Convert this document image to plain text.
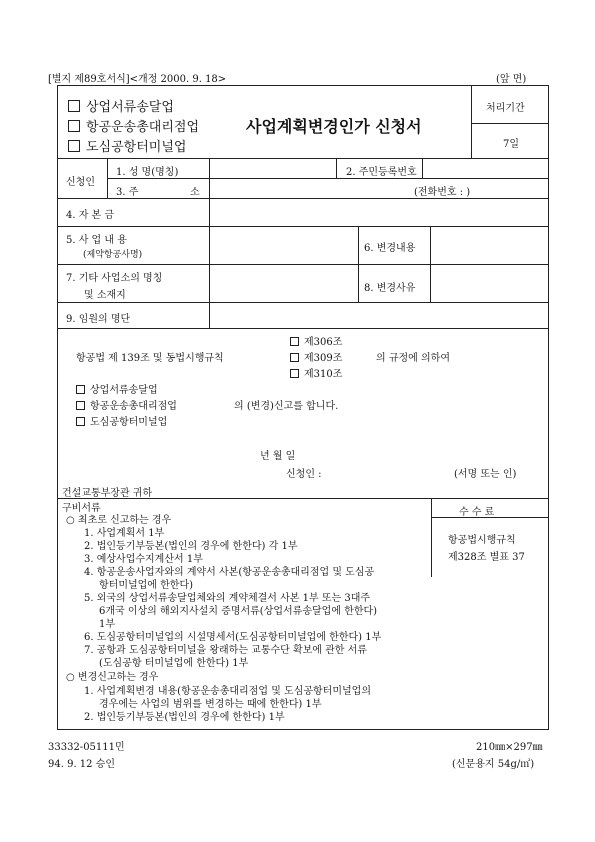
[별지 제89호서식]<개정 2000. 9. 18>	(앞 면)
상업서류송달업
항공운송총대리점업
도심공항터미널업
사업계획변경인가 신청서
처리기간
7일
신청인
1. 성 명(명칭)	2. 주민등록번호
3. 주	소	(전화번호 : )
4. 자 본 금
5. 사 업 내 용
(제약항공사명)
6. 변경내용
7. 기타 사업소의 명칭
및 소재지
8. 변경사유
9. 임원의 명단
항공법 제 139조 및 동법시행규칙
제306조
제309조
제310조
의 규정에 의하여
상업서류송달업
항공운송총대리점업
도심공항터미널업
의 (변경)신고를 합니다.
년 월 일
신청인 :	(서명 또는 인)
건설교통부장관 귀하
수 수 료
항공법시행규칙
제328조 별표 37
구비서류
○ 최초로 신고하는 경우
1. 사업계획서 1부
2. 법인등기부등본(법인의 경우에 한한다) 각 1부
3. 예상사업수지계산서 1부
4. 항공운송사업자와의 계약서 사본(항공운송총대리점업 및 도심공
항터미널업에 한한다)
5. 외국의 상업서류송달업체와의 계약체결서 사본 1부 또는 3대주
6개국 이상의 해외지사설치 증명서류(상업서류송달업에 한한다)
1부
6. 도심공항터미널업의 시설명세서(도심공항터미널업에 한한다) 1부
7. 공항과 도심공항터미널을 왕래하는 교통수단 확보에 관한 서류
(도심공항 터미널업에 한한다) 1부
○ 변경신고하는 경우
1. 사업계획변경 내용(항공운송총대리점업 및 도심공항터미널업의
경우에는 사업의 범위를 변경하는 때에 한한다) 1부
2. 법인등기부등본(법인의 경우에 한한다) 1부
33332-05111민
94. 9. 12 승인
210㎜×297㎜
(신문용지 54g/㎡)
